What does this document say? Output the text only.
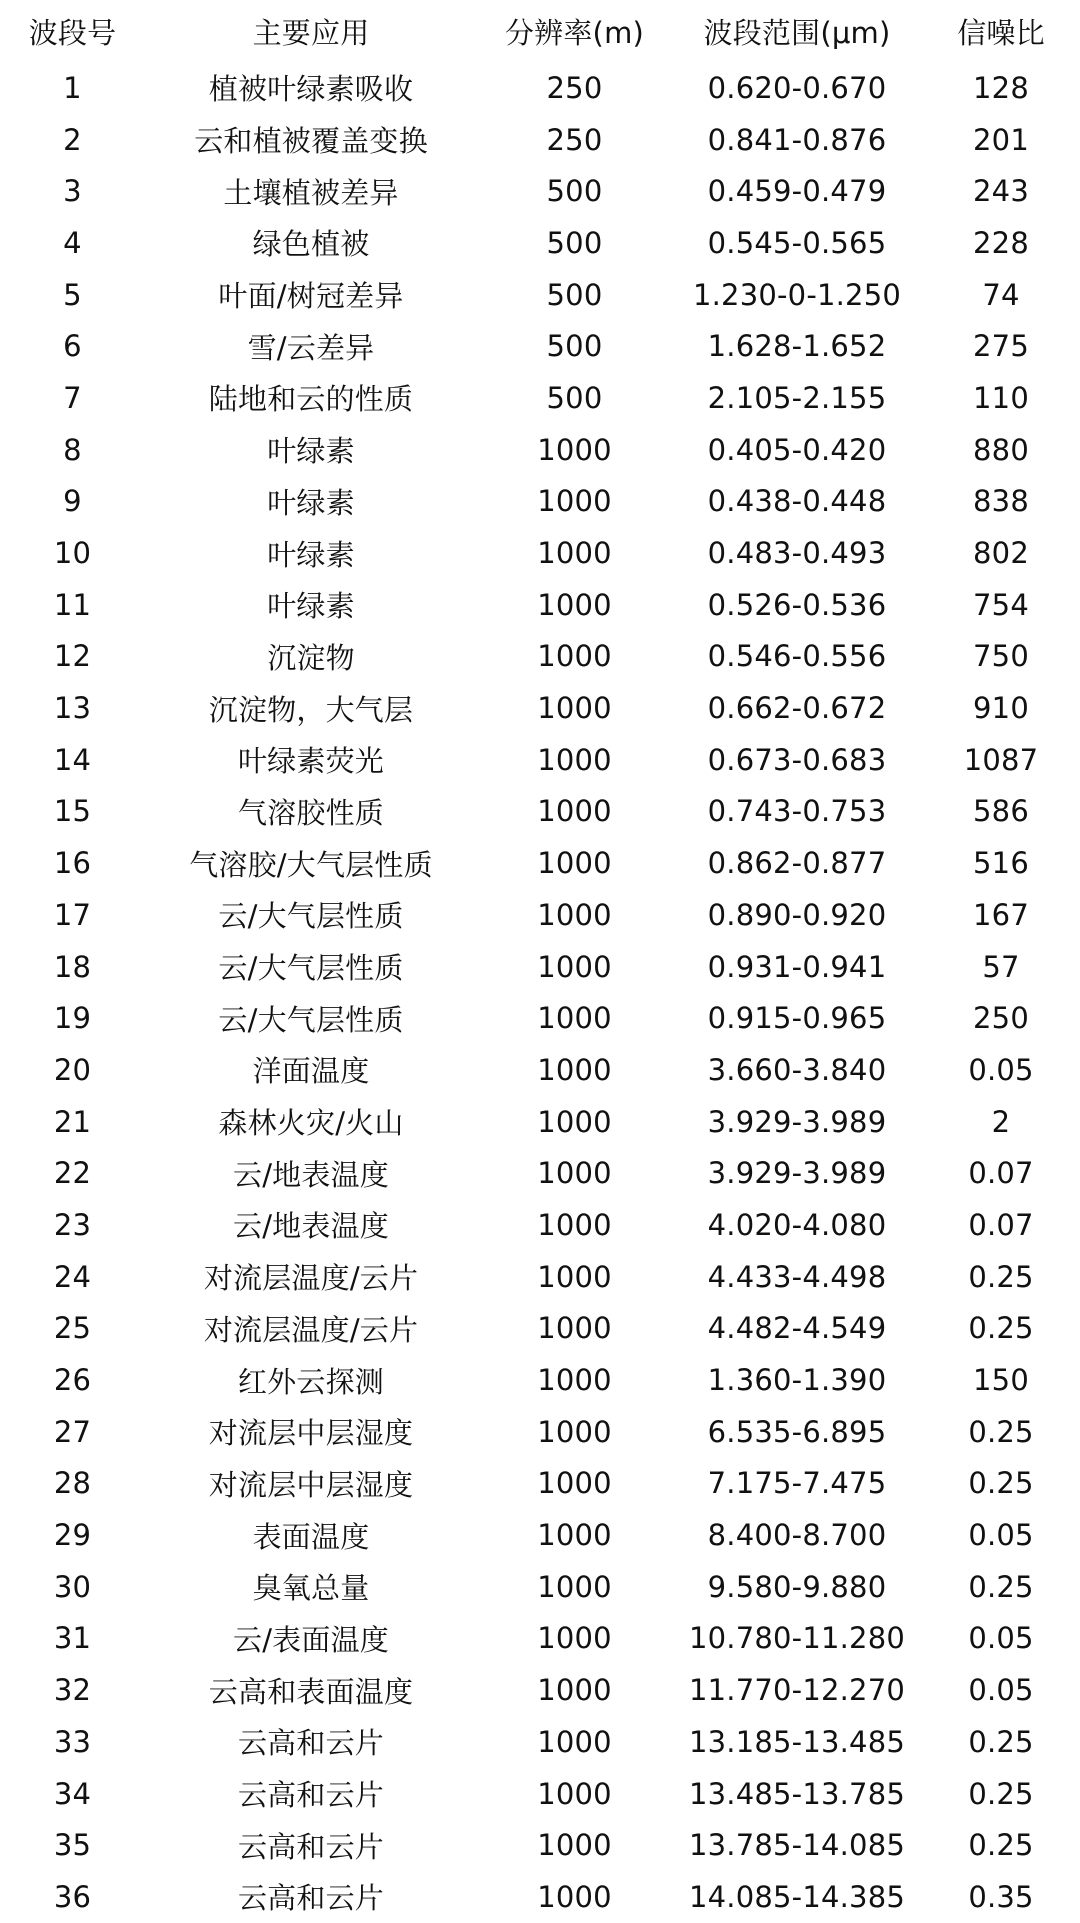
波段号	主要应用	分辨率(m)	波段范围(μm)	信噪比
1	植被叶绿素吸收	250	0.620-0.670	128
2	云和植被覆盖变换	250	0.841-0.876	201
3	土壤植被差异	500	0.459-0.479	243
4	绿色植被	500	0.545-0.565	228
5	叶面/树冠差异	500	1.230-0-1.250	74
6	雪/云差异	500	1.628-1.652	275
7	陆地和云的性质	500	2.105-2.155	110
8	叶绿素	1000	0.405-0.420	880
9	叶绿素	1000	0.438-0.448	838
10	叶绿素	1000	0.483-0.493	802
11	叶绿素	1000	0.526-0.536	754
12	沉淀物	1000	0.546-0.556	750
13	沉淀物，大气层	1000	0.662-0.672	910
14	叶绿素荧光	1000	0.673-0.683	1087
15	气溶胶性质	1000	0.743-0.753	586
16	气溶胶/大气层性质	1000	0.862-0.877	516
17	云/大气层性质	1000	0.890-0.920	167
18	云/大气层性质	1000	0.931-0.941	57
19	云/大气层性质	1000	0.915-0.965	250
20	洋面温度	1000	3.660-3.840	0.05
21	森林火灾/火山	1000	3.929-3.989	2
22	云/地表温度	1000	3.929-3.989	0.07
23	云/地表温度	1000	4.020-4.080	0.07
24	对流层温度/云片	1000	4.433-4.498	0.25
25	对流层温度/云片	1000	4.482-4.549	0.25
26	红外云探测	1000	1.360-1.390	150
27	对流层中层湿度	1000	6.535-6.895	0.25
28	对流层中层湿度	1000	7.175-7.475	0.25
29	表面温度	1000	8.400-8.700	0.05
30	臭氧总量	1000	9.580-9.880	0.25
31	云/表面温度	1000	10.780-11.280	0.05
32	云高和表面温度	1000	11.770-12.270	0.05
33	云高和云片	1000	13.185-13.485	0.25
34	云高和云片	1000	13.485-13.785	0.25
35	云高和云片	1000	13.785-14.085	0.25
36	云高和云片	1000	14.085-14.385	0.35
